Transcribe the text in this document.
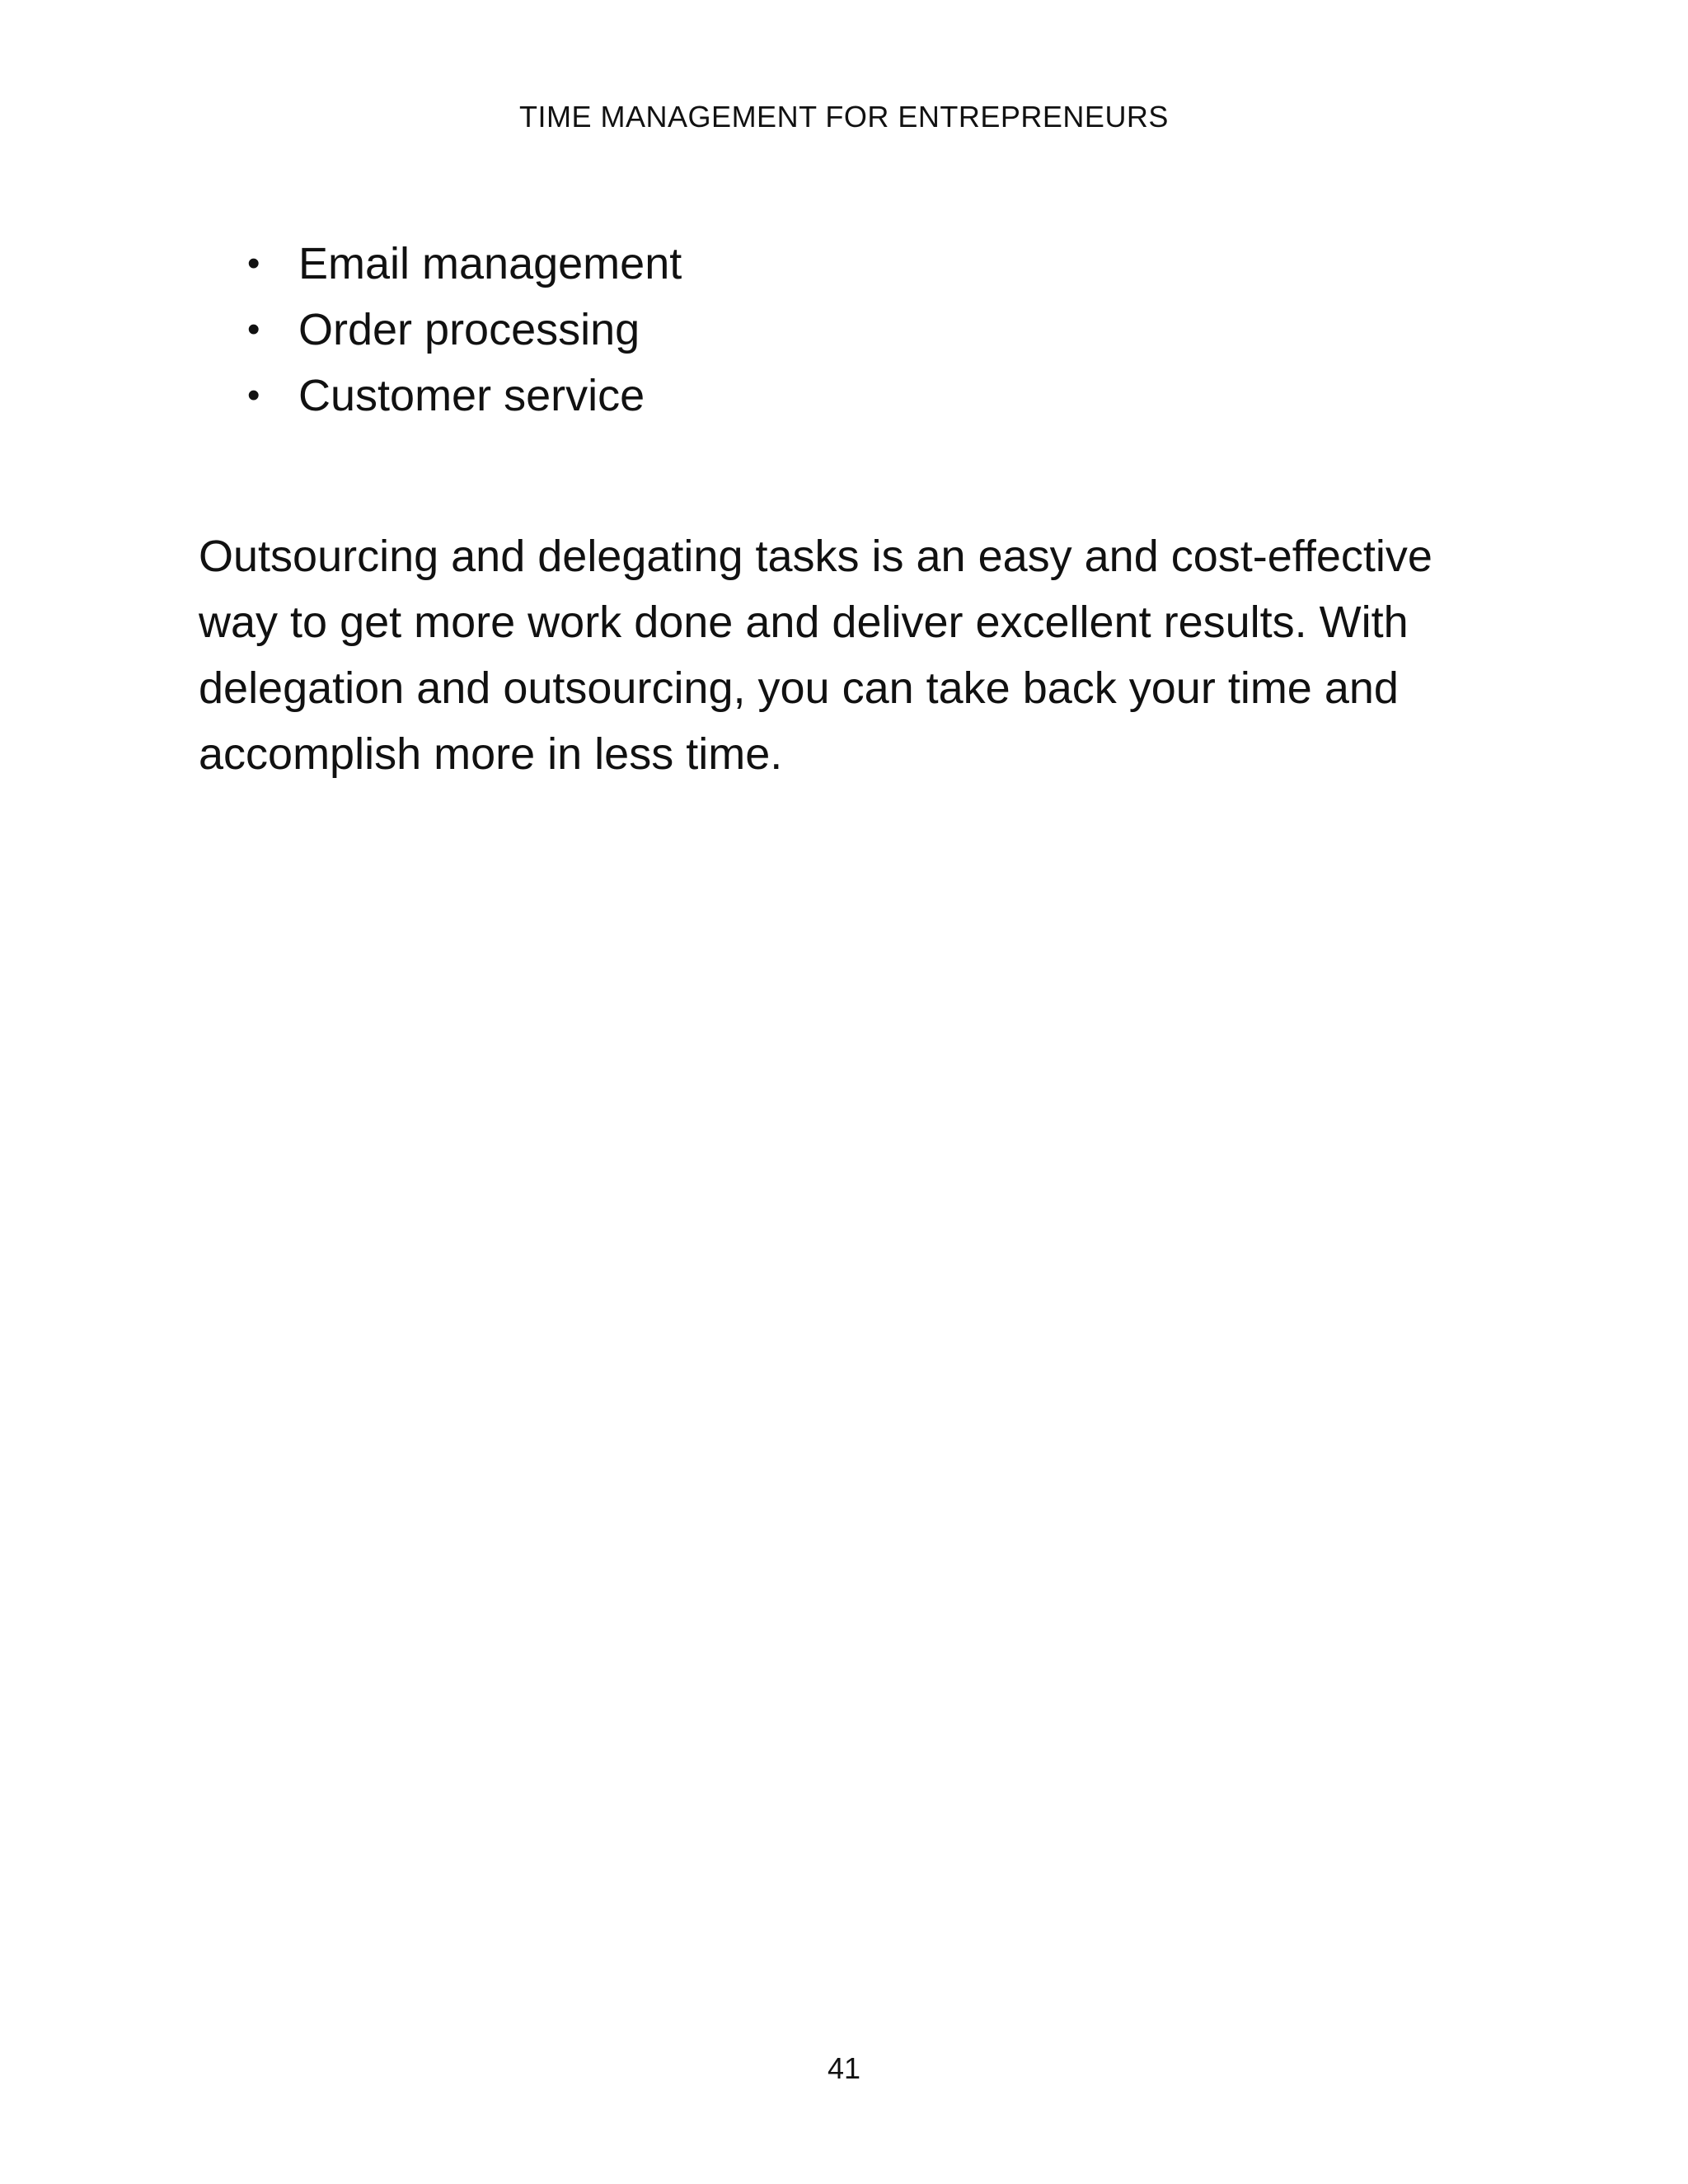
TIME MANAGEMENT FOR ENTREPRENEURS
• Email management
• Order processing
• Customer service

Outsourcing and delegating tasks is an easy and cost-effective way to get more work done and deliver excellent results. With delegation and outsourcing, you can take back your time and accomplish more in less time.

41
